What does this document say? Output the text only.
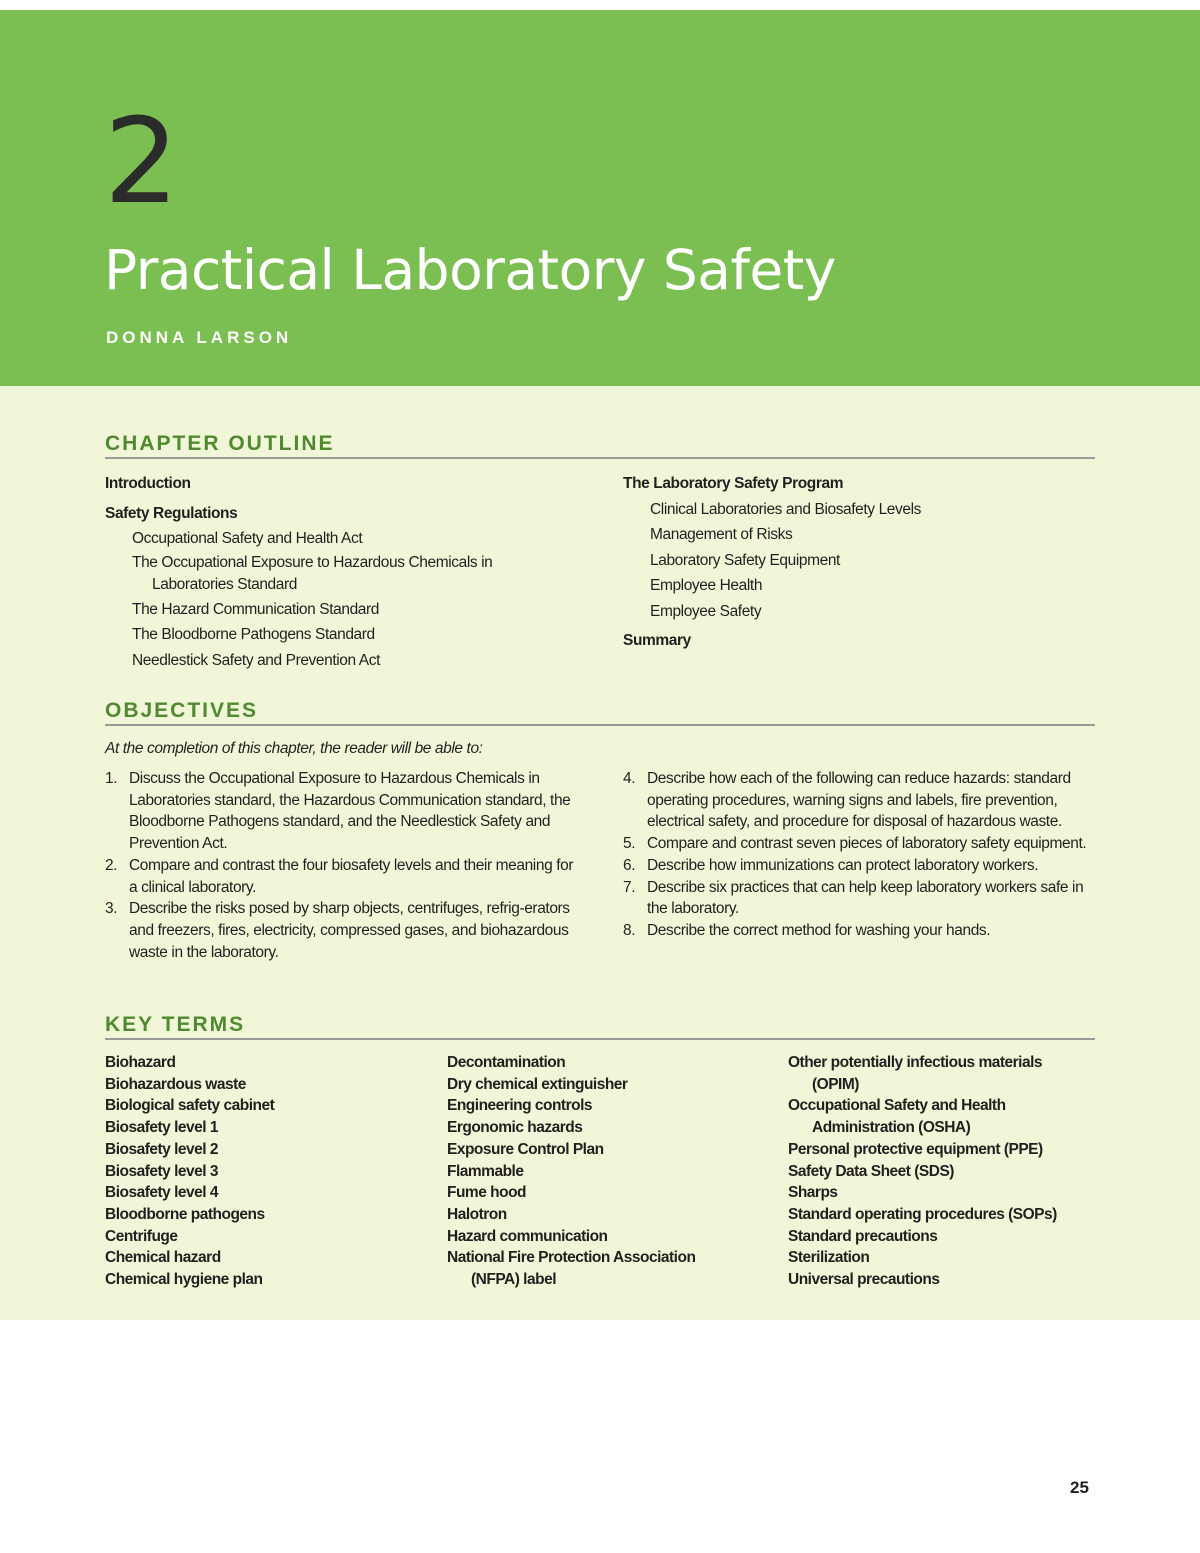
2
Practical Laboratory Safety
DONNA LARSON
CHAPTER OUTLINE
Introduction
Safety Regulations
Occupational Safety and Health Act
The Occupational Exposure to Hazardous Chemicals in
Laboratories Standard
The Hazard Communication Standard
The Bloodborne Pathogens Standard
Needlestick Safety and Prevention Act
The Laboratory Safety Program
Clinical Laboratories and Biosafety Levels
Management of Risks
Laboratory Safety Equipment
Employee Health
Employee Safety
Summary
OBJECTIVES
At the completion of this chapter, the reader will be able to:
1. Discuss the Occupational Exposure to Hazardous Chemicals in Laboratories standard, the Hazardous Communication standard, the Bloodborne Pathogens standard, and the Needlestick Safety and Prevention Act.
2. Compare and contrast the four biosafety levels and their meaning for a clinical laboratory.
3. Describe the risks posed by sharp objects, centrifuges, refrig-erators and freezers, fires, electricity, compressed gases, and biohazardous waste in the laboratory.
4. Describe how each of the following can reduce hazards: standard operating procedures, warning signs and labels, fire prevention, electrical safety, and procedure for disposal of hazardous waste.
5. Compare and contrast seven pieces of laboratory safety equipment.
6. Describe how immunizations can protect laboratory workers.
7. Describe six practices that can help keep laboratory workers safe in the laboratory.
8. Describe the correct method for washing your hands.
KEY TERMS
Biohazard
Biohazardous waste
Biological safety cabinet
Biosafety level 1
Biosafety level 2
Biosafety level 3
Biosafety level 4
Bloodborne pathogens
Centrifuge
Chemical hazard
Chemical hygiene plan
Decontamination
Dry chemical extinguisher
Engineering controls
Ergonomic hazards
Exposure Control Plan
Flammable
Fume hood
Halotron
Hazard communication
National Fire Protection Association
(NFPA) label
Other potentially infectious materials
(OPIM)
Occupational Safety and Health
Administration (OSHA)
Personal protective equipment (PPE)
Safety Data Sheet (SDS)
Sharps
Standard operating procedures (SOPs)
Standard precautions
Sterilization
Universal precautions
25
